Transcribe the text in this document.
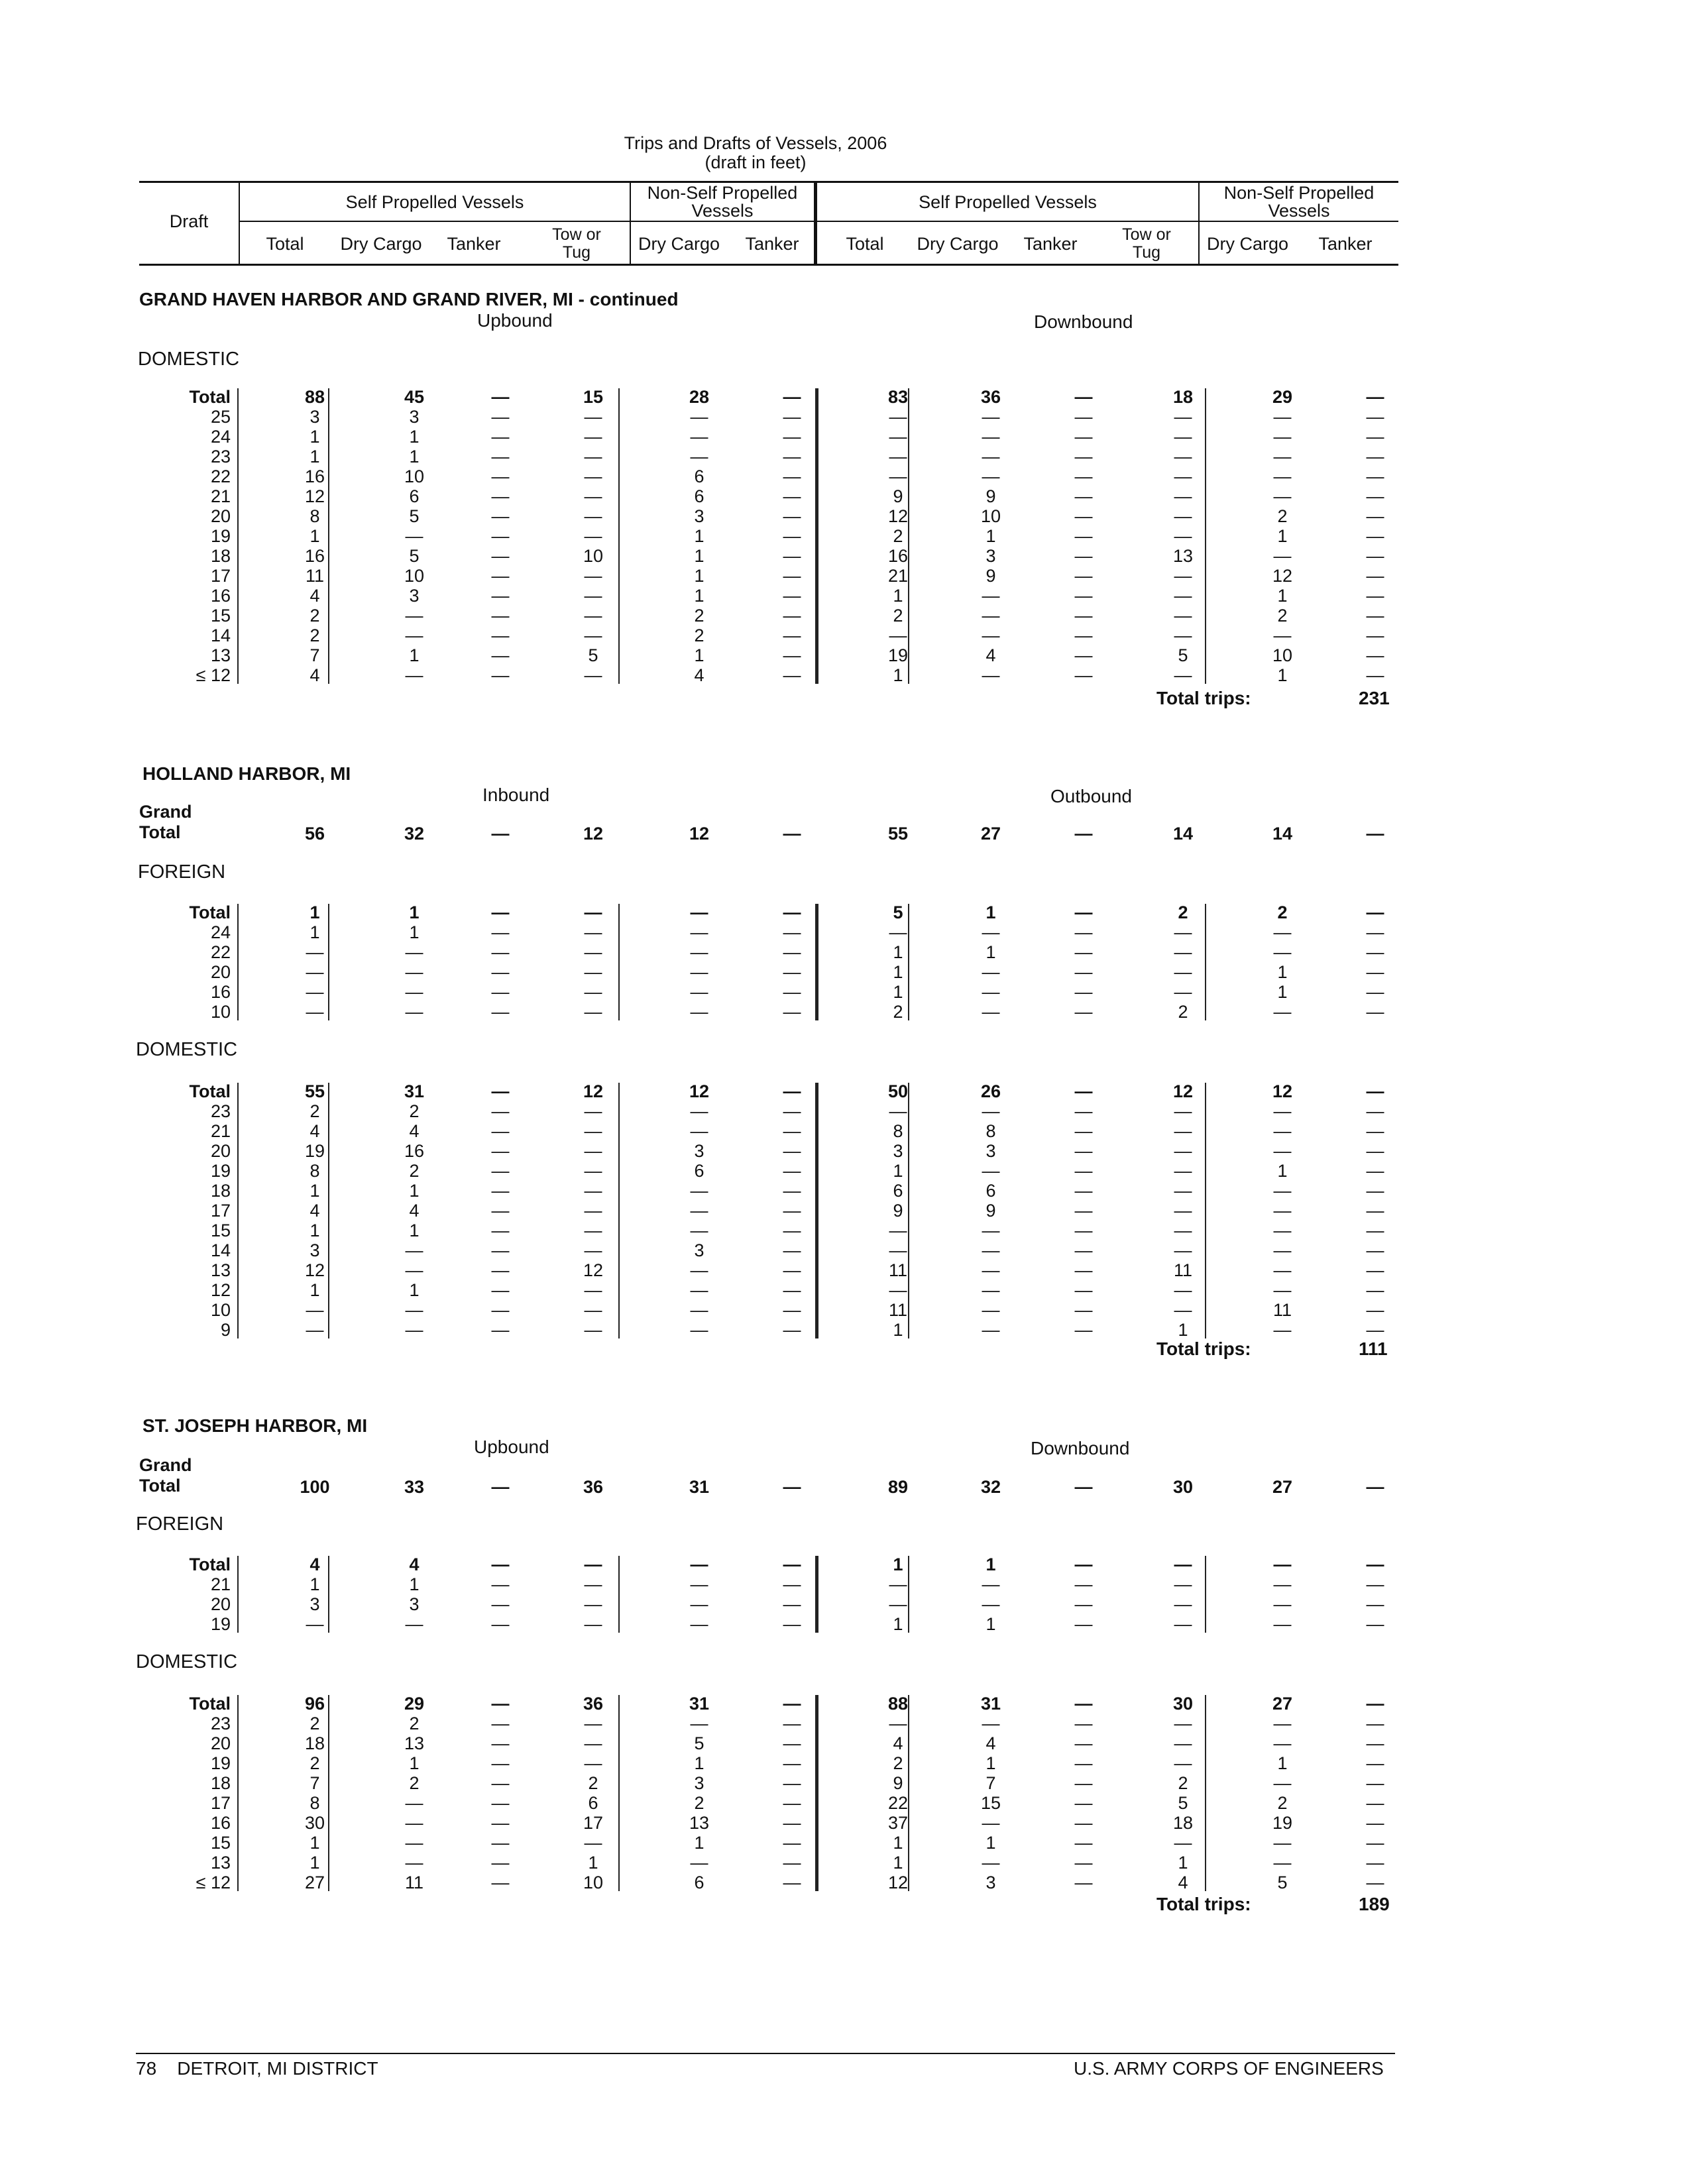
Trips and Drafts of Vessels, 2006
(draft in feet)
Draft
Self Propelled Vessels	Non-Self Propelled Vessels	Self Propelled Vessels	Non-Self Propelled Vessels
Total	Dry Cargo	Tanker	Tow or Tug	Dry Cargo	Tanker	Total	Dry Cargo	Tanker	Tow or Tug	Dry Cargo	Tanker
GRAND HAVEN HARBOR AND GRAND RIVER, MI - continued
Upbound	Downbound
DOMESTIC
Total	88	45	—	15	28	—	83	36	—	18	29	—
25	3	3	—	—	—	—	—	—	—	—	—	—
24	1	1	—	—	—	—	—	—	—	—	—	—
23	1	1	—	—	—	—	—	—	—	—	—	—
22	16	10	—	—	6	—	—	—	—	—	—	—
21	12	6	—	—	6	—	9	9	—	—	—	—
20	8	5	—	—	3	—	12	10	—	—	2	—
19	1	—	—	—	1	—	2	1	—	—	1	—
18	16	5	—	10	1	—	16	3	—	13	—	—
17	11	10	—	—	1	—	21	9	—	—	12	—
16	4	3	—	—	1	—	1	—	—	—	1	—
15	2	—	—	—	2	—	2	—	—	—	2	—
14	2	—	—	—	2	—	—	—	—	—	—	—
13	7	1	—	5	1	—	19	4	—	5	10	—
≤ 12	4	—	—	—	4	—	1	—	—	—	1	—
Total trips:	231
HOLLAND HARBOR, MI
Inbound	Outbound
Grand
Total	56	32	—	12	12	—	55	27	—	14	14	—
FOREIGN
Total	1	1	—	—	—	—	5	1	—	2	2	—
24	1	1	—	—	—	—	—	—	—	—	—	—
22	—	—	—	—	—	—	1	1	—	—	—	—
20	—	—	—	—	—	—	1	—	—	—	1	—
16	—	—	—	—	—	—	1	—	—	—	1	—
10	—	—	—	—	—	—	2	—	—	2	—	—
DOMESTIC
Total	55	31	—	12	12	—	50	26	—	12	12	—
23	2	2	—	—	—	—	—	—	—	—	—	—
21	4	4	—	—	—	—	8	8	—	—	—	—
20	19	16	—	—	3	—	3	3	—	—	—	—
19	8	2	—	—	6	—	1	—	—	—	1	—
18	1	1	—	—	—	—	6	6	—	—	—	—
17	4	4	—	—	—	—	9	9	—	—	—	—
15	1	1	—	—	—	—	—	—	—	—	—	—
14	3	—	—	—	3	—	—	—	—	—	—	—
13	12	—	—	12	—	—	11	—	—	11	—	—
12	1	1	—	—	—	—	—	—	—	—	—	—
10	—	—	—	—	—	—	11	—	—	—	11	—
9	—	—	—	—	—	—	1	—	—	1	—	—
Total trips:	111
ST. JOSEPH HARBOR, MI
Upbound	Downbound
Grand
Total	100	33	—	36	31	—	89	32	—	30	27	—
FOREIGN
Total	4	4	—	—	—	—	1	1	—	—	—	—
21	1	1	—	—	—	—	—	—	—	—	—	—
20	3	3	—	—	—	—	—	—	—	—	—	—
19	—	—	—	—	—	—	1	1	—	—	—	—
DOMESTIC
Total	96	29	—	36	31	—	88	31	—	30	27	—
23	2	2	—	—	—	—	—	—	—	—	—	—
20	18	13	—	—	5	—	4	4	—	—	—	—
19	2	1	—	—	1	—	2	1	—	—	1	—
18	7	2	—	2	3	—	9	7	—	2	—	—
17	8	—	—	6	2	—	22	15	—	5	2	—
16	30	—	—	17	13	—	37	—	—	18	19	—
15	1	—	—	—	1	—	1	1	—	—	—	—
13	1	—	—	1	—	—	1	—	—	1	—	—
≤ 12	27	11	—	10	6	—	12	3	—	4	5	—
Total trips:	189
78 DETROIT, MI DISTRICT	U.S. ARMY CORPS OF ENGINEERS
